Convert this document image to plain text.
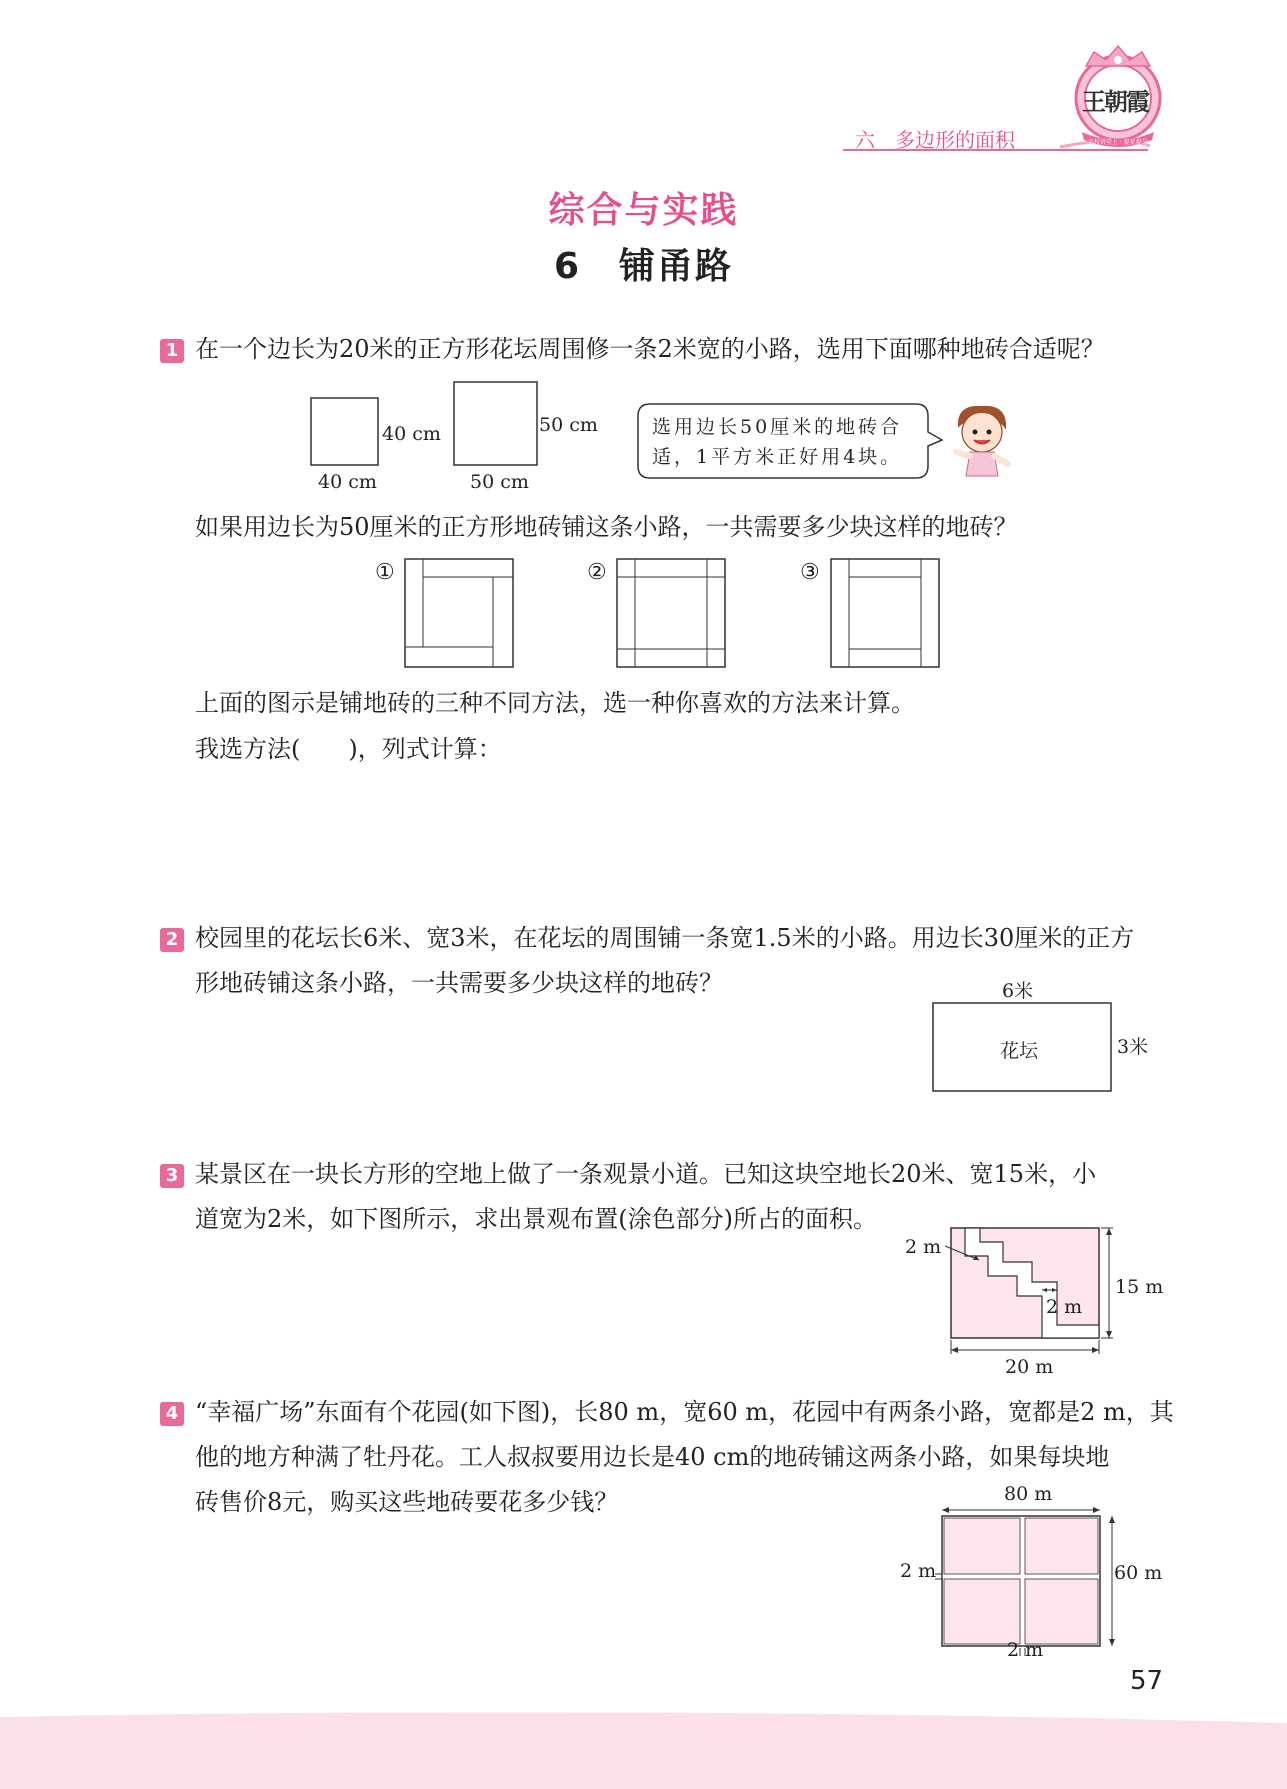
六　多边形的面积
王朝霞
名校讲堂上 · 提优提分
综合与实践
6　铺甬路
1 在一个边长为20米的正方形花坛周围修一条2米宽的小路，选用下面哪种地砖合适呢？
40 cm
40 cm
50 cm
50 cm
选用边长50厘米的地砖合适，1平方米正好用4块。
如果用边长为50厘米的正方形地砖铺这条小路，一共需要多少块这样的地砖？
①	②	③
上面的图示是铺地砖的三种不同方法，选一种你喜欢的方法来计算。
我选方法(　　)，列式计算：
2 校园里的花坛长6米、宽3米，在花坛的周围铺一条宽1.5米的小路。用边长30厘米的正方
形地砖铺这条小路，一共需要多少块这样的地砖？	6米
花坛	3米
3 某景区在一块长方形的空地上做了一条观景小道。已知这块空地长20米、宽15米，小
道宽为2米，如下图所示，求出景观布置(涂色部分)所占的面积。
2 m
2 m
15 m
20 m
4 “幸福广场”东面有个花园(如下图)，长80 m，宽60 m，花园中有两条小路，宽都是2 m，其
他的地方种满了牡丹花。工人叔叔要用边长是40 cm的地砖铺这两条小路，如果每块地
砖售价8元，购买这些地砖要花多少钱？	80 m
2 m	60 m
2 m
57
